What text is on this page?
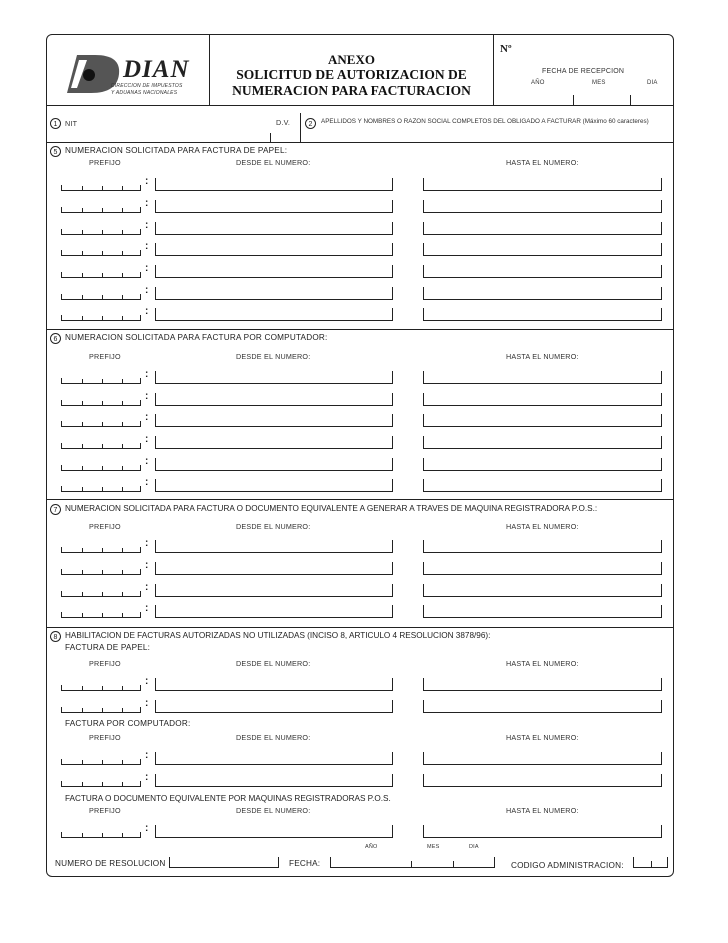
DIAN
DIRECCION DE IMPUESTOS
Y ADUANAS NACIONALES
ANEXO
SOLICITUD DE AUTORIZACION DE
NUMERACION PARA FACTURACION
Nº
FECHA DE RECEPCION
AÑO	MES	DIA
1	NIT	D.V.	2	APELLIDOS Y NOMBRES O RAZON SOCIAL COMPLETOS DEL OBLIGADO A FACTURAR (Máximo 60 caracteres)
5 NUMERACION SOLICITADA PARA FACTURA DE PAPEL:
PREFIJO	DESDE EL NUMERO:	HASTA EL NUMERO:
6 NUMERACION SOLICITADA PARA FACTURA POR COMPUTADOR:
PREFIJO	DESDE EL NUMERO:	HASTA EL NUMERO:
7 NUMERACION SOLICITADA PARA FACTURA O DOCUMENTO EQUIVALENTE A GENERAR A TRAVES DE MAQUINA REGISTRADORA P.O.S.:
PREFIJO	DESDE EL NUMERO:	HASTA EL NUMERO:
8 HABILITACION DE FACTURAS AUTORIZADAS NO UTILIZADAS (INCISO 8, ARTICULO 4 RESOLUCION 3878/96):
FACTURA DE PAPEL:
PREFIJO	DESDE EL NUMERO:	HASTA EL NUMERO:
FACTURA POR COMPUTADOR:
PREFIJO	DESDE EL NUMERO:	HASTA EL NUMERO:
FACTURA O DOCUMENTO EQUIVALENTE POR MAQUINAS REGISTRADORAS P.O.S.
PREFIJO	DESDE EL NUMERO:	HASTA EL NUMERO:
AÑO	MES	DIA
NUMERO DE RESOLUCION	FECHA:	CODIGO ADMINISTRACION:
:
:
:
:
:
:
:
:
:
:
:
:
:
:
:
:
:
:
:
:
:
:
